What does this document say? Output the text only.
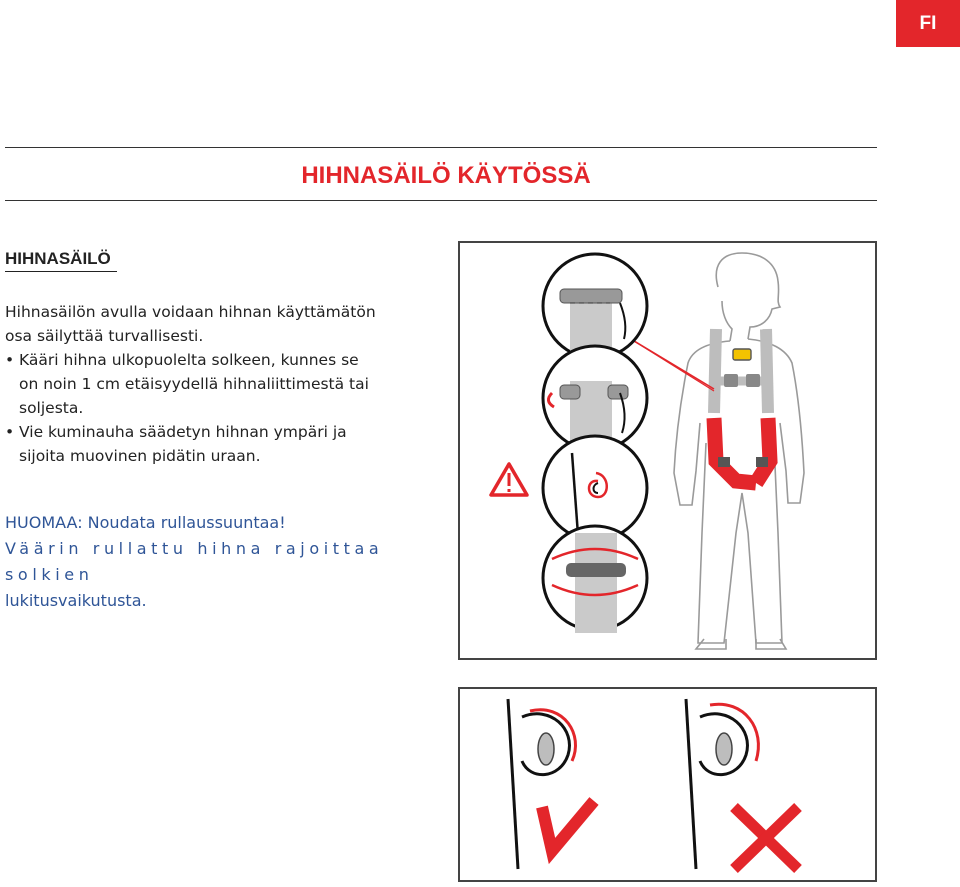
FI
HIHNASÄILÖ KÄYTÖSSÄ
HIHNASÄILÖ

Hihnasäilön avulla voidaan hihnan käyttämätön

osa säilyttää turvallisesti.

• Kääri hihna ulkopuolelta solkeen, kunnes se

on noin 1 cm etäisyydellä hihnaliittimestä tai

soljesta.

• Vie kuminauha säädetyn hihnan ympäri ja

sijoita muovinen pidätin uraan.

HUOMAA: Noudata rullaussuuntaa!
Väärin rullattu hihna rajoittaa solkien
lukitusvaikutusta.
